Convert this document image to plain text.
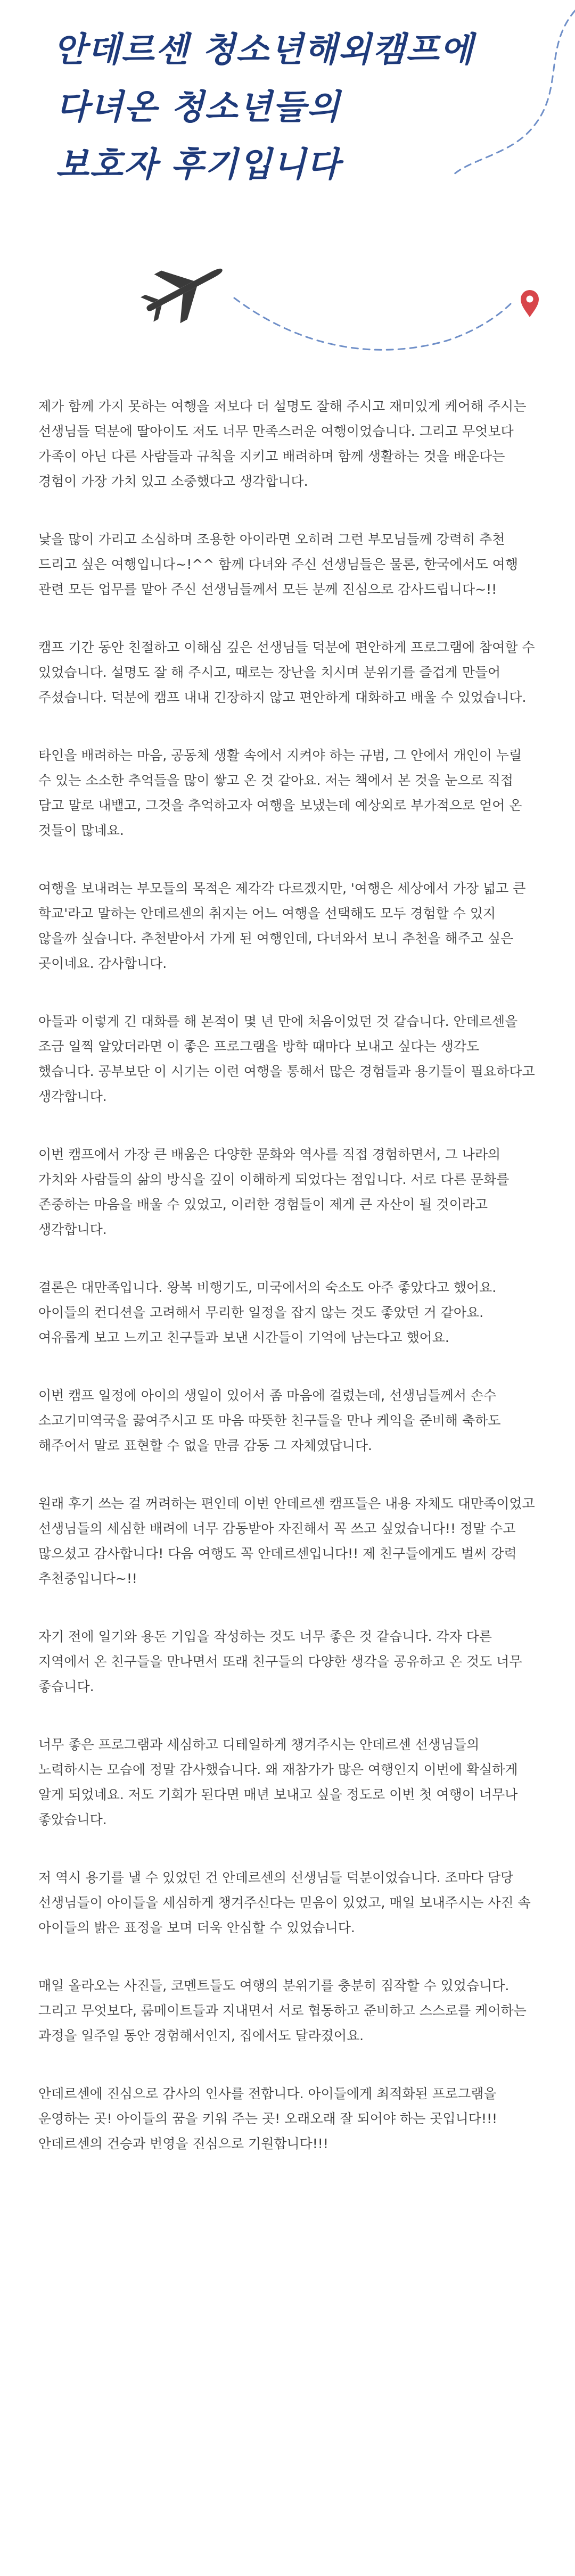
안데르센 청소년해외캠프에
다녀온 청소년들의
보호자 후기입니다

제가 함께 가지 못하는 여행을 저보다 더 설명도 잘해 주시고 재미있게 케어해 주시는 선생님들 덕분에 딸아이도 저도 너무 만족스러운 여행이었습니다. 그리고 무엇보다 가족이 아닌 다른 사람들과 규칙을 지키고 배려하며 함께 생활하는 것을 배운다는 경험이 가장 가치 있고 소중했다고 생각합니다.

낯을 많이 가리고 소심하며 조용한 아이라면 오히려 그런 부모님들께 강력히 추천 드리고 싶은 여행입니다~!^^ 함께 다녀와 주신 선생님들은 물론, 한국에서도 여행 관련 모든 업무를 맡아 주신 선생님들께서 모든 분께 진심으로 감사드립니다~!!

캠프 기간 동안 친절하고 이해심 깊은 선생님들 덕분에 편안하게 프로그램에 참여할 수 있었습니다. 설명도 잘 해 주시고, 때로는 장난을 치시며 분위기를 즐겁게 만들어 주셨습니다. 덕분에 캠프 내내 긴장하지 않고 편안하게 대화하고 배울 수 있었습니다.

타인을 배려하는 마음, 공동체 생활 속에서 지켜야 하는 규범, 그 안에서 개인이 누릴 수 있는 소소한 추억들을 많이 쌓고 온 것 같아요. 저는 책에서 본 것을 눈으로 직접 담고 말로 내뱉고, 그것을 추억하고자 여행을 보냈는데 예상외로 부가적으로 얻어 온 것들이 많네요.

여행을 보내려는 부모들의 목적은 제각각 다르겠지만, '여행은 세상에서 가장 넓고 큰 학교'라고 말하는 안데르센의 취지는 어느 여행을 선택해도 모두 경험할 수 있지 않을까 싶습니다. 추천받아서 가게 된 여행인데, 다녀와서 보니 추천을 해주고 싶은 곳이네요. 감사합니다.

아들과 이렇게 긴 대화를 해 본적이 몇 년 만에 처음이었던 것 같습니다. 안데르센을 조금 일찍 알았더라면 이 좋은 프로그램을 방학 때마다 보내고 싶다는 생각도 했습니다. 공부보단 이 시기는 이런 여행을 통해서 많은 경험들과 용기들이 필요하다고 생각합니다.

이번 캠프에서 가장 큰 배움은 다양한 문화와 역사를 직접 경험하면서, 그 나라의 가치와 사람들의 삶의 방식을 깊이 이해하게 되었다는 점입니다. 서로 다른 문화를 존중하는 마음을 배울 수 있었고, 이러한 경험들이 제게 큰 자산이 될 것이라고 생각합니다.

결론은 대만족입니다. 왕복 비행기도, 미국에서의 숙소도 아주 좋았다고 했어요. 아이들의 컨디션을 고려해서 무리한 일정을 잡지 않는 것도 좋았던 거 같아요. 여유롭게 보고 느끼고 친구들과 보낸 시간들이 기억에 남는다고 했어요.

이번 캠프 일정에 아이의 생일이 있어서 좀 마음에 걸렸는데, 선생님들께서 손수 소고기미역국을 끓여주시고 또 마음 따뜻한 친구들을 만나 케익을 준비해 축하도 해주어서 말로 표현할 수 없을 만큼 감동 그 자체였답니다.

원래 후기 쓰는 걸 꺼려하는 편인데 이번 안데르센 캠프들은 내용 자체도 대만족이었고 선생님들의 세심한 배려에 너무 감동받아 자진해서 꼭 쓰고 싶었습니다!! 정말 수고 많으셨고 감사합니다! 다음 여행도 꼭 안데르센입니다!! 제 친구들에게도 벌써 강력 추천중입니다~!!

자기 전에 일기와 용돈 기입을 작성하는 것도 너무 좋은 것 같습니다. 각자 다른 지역에서 온 친구들을 만나면서 또래 친구들의 다양한 생각을 공유하고 온 것도 너무 좋습니다.

너무 좋은 프로그램과 세심하고 디테일하게 챙겨주시는 안데르센 선생님들의 노력하시는 모습에 정말 감사했습니다. 왜 재참가가 많은 여행인지 이번에 확실하게 알게 되었네요. 저도 기회가 된다면 매년 보내고 싶을 정도로 이번 첫 여행이 너무나 좋았습니다.

저 역시 용기를 낼 수 있었던 건 안데르센의 선생님들 덕분이었습니다. 조마다 담당 선생님들이 아이들을 세심하게 챙겨주신다는 믿음이 있었고, 매일 보내주시는 사진 속 아이들의 밝은 표정을 보며 더욱 안심할 수 있었습니다.

매일 올라오는 사진들, 코멘트들도 여행의 분위기를 충분히 짐작할 수 있었습니다. 그리고 무엇보다, 룸메이트들과 지내면서 서로 협동하고 준비하고 스스로를 케어하는 과정을 일주일 동안 경험해서인지, 집에서도 달라졌어요.

안데르센에 진심으로 감사의 인사를 전합니다. 아이들에게 최적화된 프로그램을 운영하는 곳! 아이들의 꿈을 키워 주는 곳! 오래오래 잘 되어야 하는 곳입니다!!! 안데르센의 건승과 번영을 진심으로 기원합니다!!!
